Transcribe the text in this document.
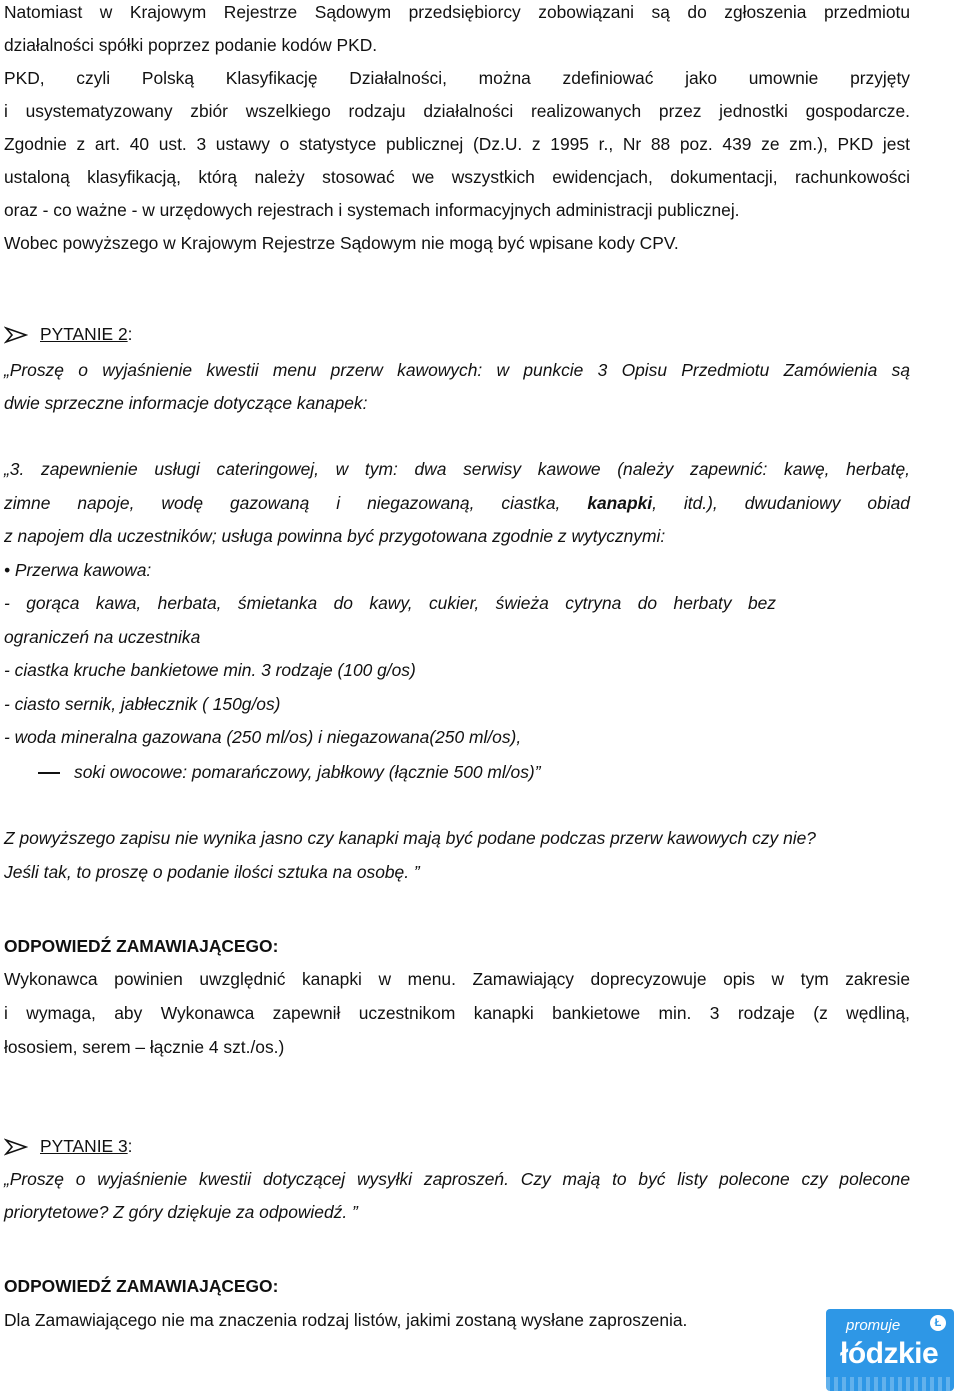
Natomiast w Krajowym Rejestrze Sądowym przedsiębiorcy zobowiązani są do zgłoszenia przedmiotu
działalności spółki poprzez podanie kodów PKD.
PKD, czyli Polską Klasyfikację Działalności, można zdefiniować jako umownie przyjęty
i usystematyzowany zbiór wszelkiego rodzaju działalności realizowanych przez jednostki gospodarcze.
Zgodnie z art. 40 ust. 3 ustawy o statystyce publicznej (Dz.U. z 1995 r., Nr 88 poz. 439 ze zm.), PKD jest
ustaloną klasyfikacją, którą należy stosować we wszystkich ewidencjach, dokumentacji, rachunkowości
oraz - co ważne - w urzędowych rejestrach i systemach informacyjnych administracji publicznej.
Wobec powyższego w Krajowym Rejestrze Sądowym nie mogą być wpisane kody CPV.
PYTANIE 2:
„Proszę o wyjaśnienie kwestii menu przerw kawowych: w punkcie 3 Opisu Przedmiotu Zamówienia są
dwie sprzeczne informacje dotyczące kanapek:
„3. zapewnienie usługi cateringowej, w tym: dwa serwisy kawowe (należy zapewnić: kawę, herbatę,
zimne napoje, wodę gazowaną i niegazowaną, ciastka, kanapki, itd.), dwudaniowy obiad
z napojem dla uczestników; usługa powinna być przygotowana zgodnie z wytycznymi:
• Przerwa kawowa:
- gorąca kawa, herbata, śmietanka do kawy, cukier, świeża cytryna do herbaty bez
ograniczeń na uczestnika
- ciastka kruche bankietowe min. 3 rodzaje (100 g/os)
- ciasto sernik, jabłecznik ( 150g/os)
- woda mineralna gazowana (250 ml/os) i niegazowana(250 ml/os),
soki owocowe: pomarańczowy, jabłkowy (łącznie 500 ml/os)”
Z powyższego zapisu nie wynika jasno czy kanapki mają być podane podczas przerw kawowych czy nie?
Jeśli tak, to proszę o podanie ilości sztuka na osobę. ”
ODPOWIEDŹ ZAMAWIAJĄCEGO:
Wykonawca powinien uwzględnić kanapki w menu. Zamawiający doprecyzowuje opis w tym zakresie
i wymaga, aby Wykonawca zapewnił uczestnikom kanapki bankietowe min. 3 rodzaje (z wędliną,
łososiem, serem – łącznie 4 szt./os.)
PYTANIE 3:
„Proszę o wyjaśnienie kwestii dotyczącej wysyłki zaproszeń. Czy mają to być listy polecone czy polecone
priorytetowe? Z góry dziękuje za odpowiedź. ”
ODPOWIEDŹ ZAMAWIAJĄCEGO:
Dla Zamawiającego nie ma znaczenia rodzaj listów, jakimi zostaną wysłane zaproszenia.	Ł
promuje
łódzkie
